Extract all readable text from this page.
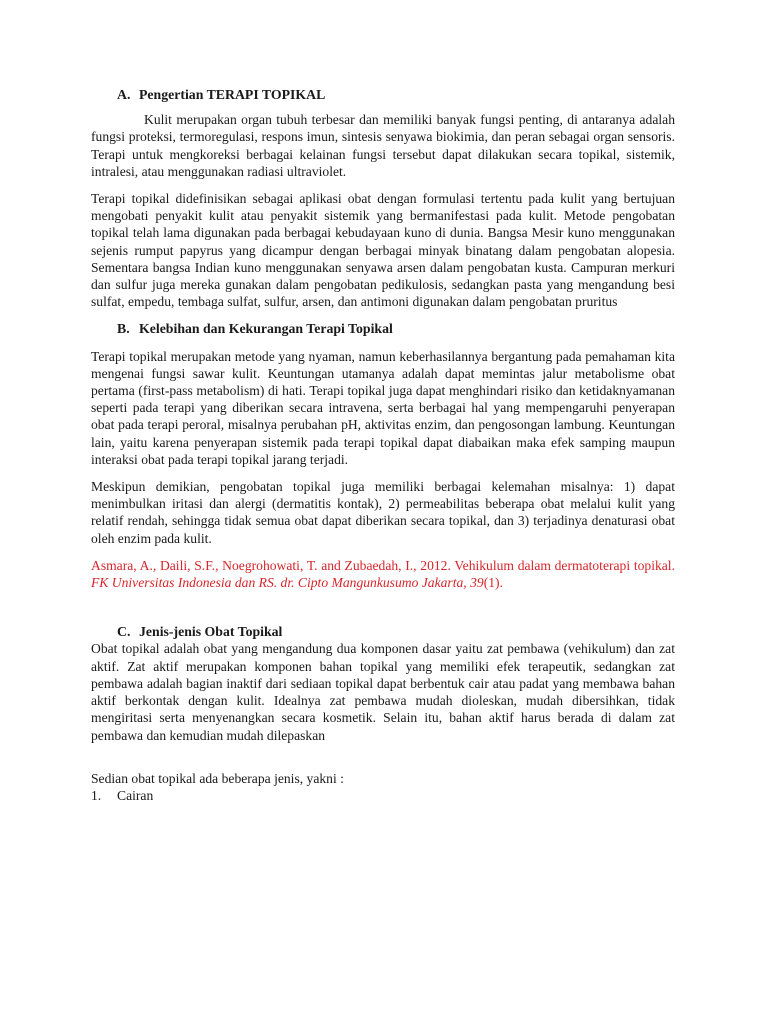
A. Pengertian TERAPI TOPIKAL

Kulit merupakan organ tubuh terbesar dan memiliki banyak fungsi penting, di antaranya adalah fungsi proteksi, termoregulasi, respons imun, sintesis senyawa biokimia, dan peran sebagai organ sensoris. Terapi untuk mengkoreksi berbagai kelainan fungsi tersebut dapat dilakukan secara topikal, sistemik, intralesi, atau menggunakan radiasi ultraviolet.

Terapi topikal didefinisikan sebagai aplikasi obat dengan formulasi tertentu pada kulit yang bertujuan mengobati penyakit kulit atau penyakit sistemik yang bermanifestasi pada kulit. Metode pengobatan topikal telah lama digunakan pada berbagai kebudayaan kuno di dunia. Bangsa Mesir kuno menggunakan sejenis rumput papyrus yang dicampur dengan berbagai minyak binatang dalam pengobatan alopesia. Sementara bangsa Indian kuno menggunakan senyawa arsen dalam pengobatan kusta. Campuran merkuri dan sulfur juga mereka gunakan dalam pengobatan pedikulosis, sedangkan pasta yang mengandung besi sulfat, empedu, tembaga sulfat, sulfur, arsen, dan antimoni digunakan dalam pengobatan pruritus

B. Kelebihan dan Kekurangan Terapi Topikal

Terapi topikal merupakan metode yang nyaman, namun keberhasilannya bergantung pada pemahaman kita mengenai fungsi sawar kulit. Keuntungan utamanya adalah dapat memintas jalur metabolisme obat pertama (first-pass metabolism) di hati. Terapi topikal juga dapat menghindari risiko dan ketidaknyamanan seperti pada terapi yang diberikan secara intravena, serta berbagai hal yang mempengaruhi penyerapan obat pada terapi peroral, misalnya perubahan pH, aktivitas enzim, dan pengosongan lambung. Keuntungan lain, yaitu karena penyerapan sistemik pada terapi topikal dapat diabaikan maka efek samping maupun interaksi obat pada terapi topikal jarang terjadi.

Meskipun demikian, pengobatan topikal juga memiliki berbagai kelemahan misalnya: 1) dapat menimbulkan iritasi dan alergi (dermatitis kontak), 2) permeabilitas beberapa obat melalui kulit yang relatif rendah, sehingga tidak semua obat dapat diberikan secara topikal, dan 3) terjadinya denaturasi obat oleh enzim pada kulit.

Asmara, A., Daili, S.F., Noegrohowati, T. and Zubaedah, I., 2012. Vehikulum dalam dermatoterapi topikal. FK Universitas Indonesia dan RS. dr. Cipto Mangunkusumo Jakarta, 39(1).

C. Jenis-jenis Obat Topikal

Obat topikal adalah obat yang mengandung dua komponen dasar yaitu zat pembawa (vehikulum) dan zat aktif. Zat aktif merupakan komponen bahan topikal yang memiliki efek terapeutik, sedangkan zat pembawa adalah bagian inaktif dari sediaan topikal dapat berbentuk cair atau padat yang membawa bahan aktif berkontak dengan kulit. Idealnya zat pembawa mudah dioleskan, mudah dibersihkan, tidak mengiritasi serta menyenangkan secara kosmetik. Selain itu, bahan aktif harus berada di dalam zat pembawa dan kemudian mudah dilepaskan

Sedian obat topikal ada beberapa jenis, yakni :

1. Cairan
